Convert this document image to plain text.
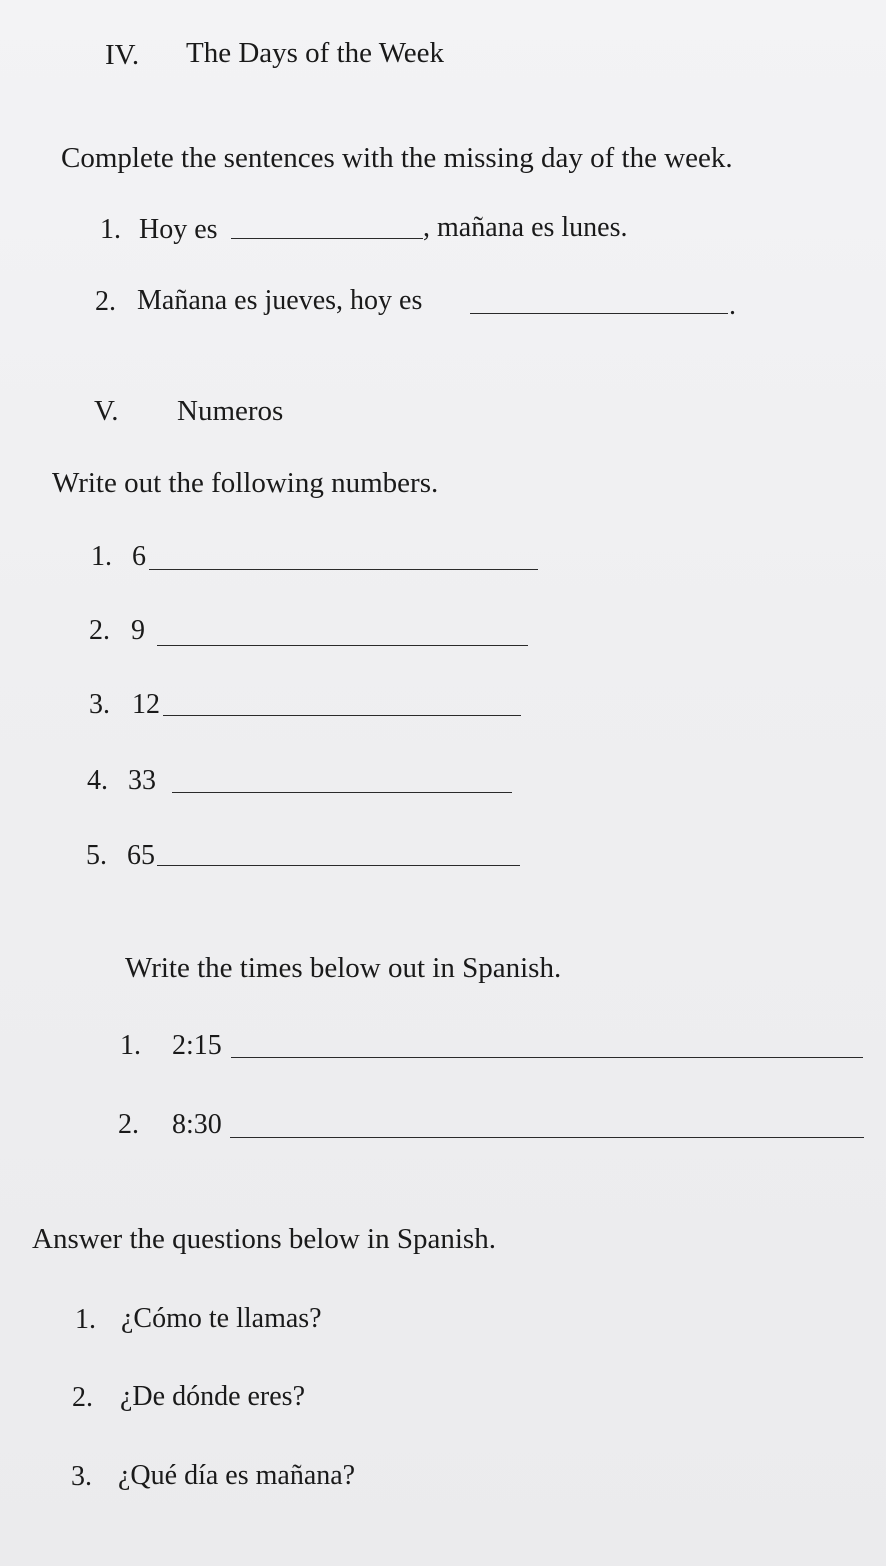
IV. The Days of the Week
Complete the sentences with the missing day of the week.
1. Hoy es	, mañana es lunes.
2. Mañana es jueves, hoy es	.
V. Numeros
Write out the following numbers.
1. 6
2. 9
3. 12
4. 33
5. 65
Write the times below out in Spanish.
1. 2:15
2. 8:30
Answer the questions below in Spanish.
1. ¿Cómo te llamas?
2. ¿De dónde eres?
3. ¿Qué día es mañana?
